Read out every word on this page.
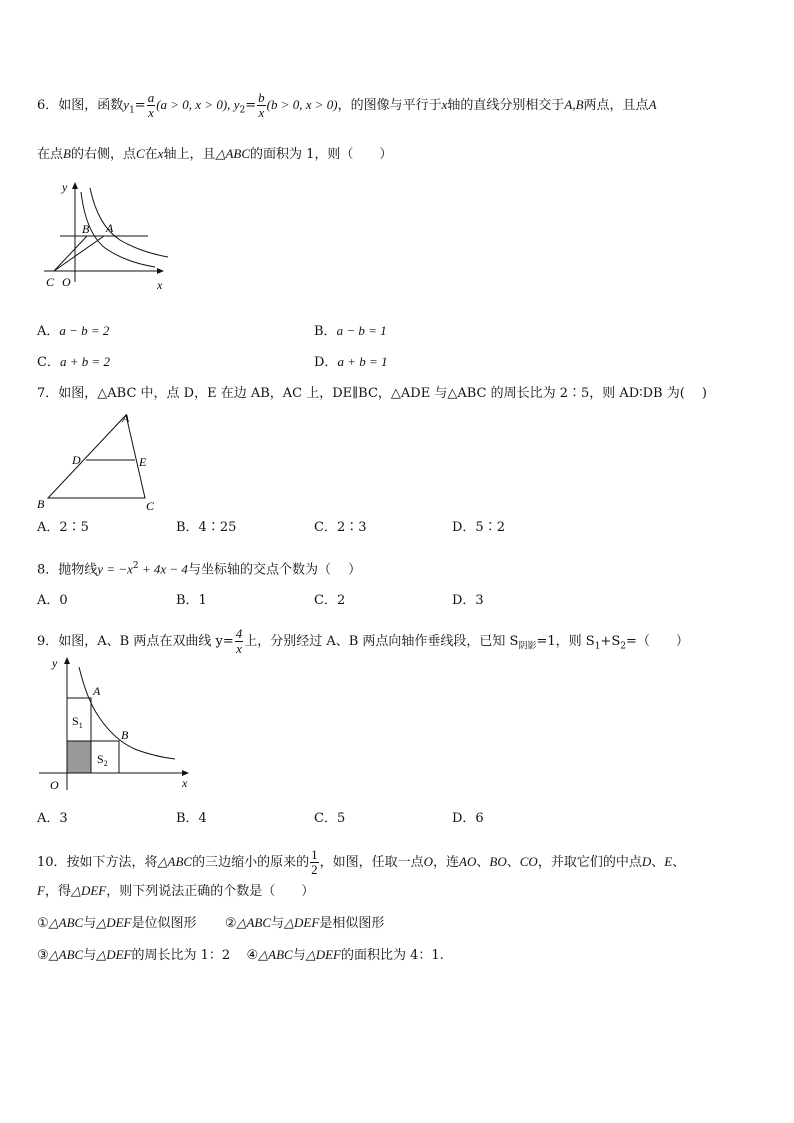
6．如图，函数$y_1= \frac{a}{x} (a > 0$, x > 0), $y_2= \frac{b}{x} (b > 0$, x > 0)，的图像与平行于x轴的直线分别相交于A,B两点，且点A
在点B的右侧，点C在x轴上，且△ABC的面积为 1，则（　　）
y
B A
C O	x
A．a − b = 2	B．a − b = 1
C．a + b = 2	D．a + b = 1
7．如图，△ABC 中，点 D，E 在边 AB，AC 上，DE∥BC，△ADE 与△ABC 的周长比为 2∶5，则 AD∶DB 为(　 )
A
D	E
B	C
A．2∶5	B．4∶25	C．2∶3	D．5∶2
8．抛物线$y = -x^2 + 4x - 4$与坐标轴的交点个数为（　 ）
A．0	B．1	C．2	D．3
9．如图，A、B 两点在双曲线 $y= \frac{4}{x}$ 上，分别经过 A、B 两点向轴作垂线段，已知 $S_{阴影}=1$，则 $S_1+S_2=$（　　）
y
A
B
$S_1$
$S_2$
O	x
A．3	B．4	C．5	D．6
10．按如下方法，将△ABC的三边缩小的原来的 $\frac{1}{2}$ ，如图，任取一点O，连AO、BO、CO，并取它们的中点D、E、
F，得△DEF，则下列说法正确的个数是（　　）
①△ABC与△DEF是位似图形 ②△ABC与△DEF是相似图形
③△ABC与△DEF的周长比为 1：2 ④△ABC与△DEF的面积比为 4：1.
